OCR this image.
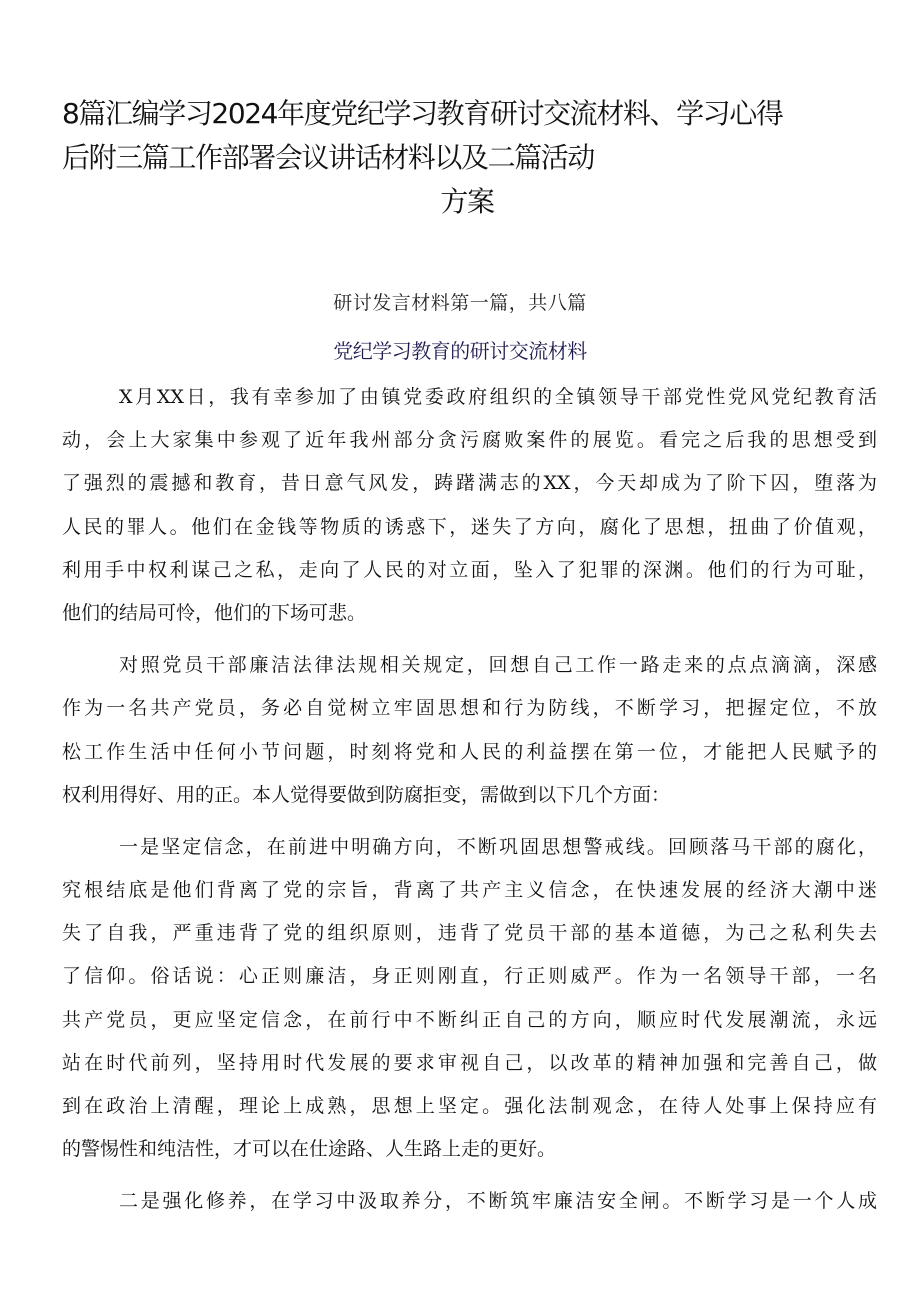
8篇汇编学习2024年度党纪学习教育研讨交流材料、学习心得
后附三篇工作部署会议讲话材料以及二篇活动
方案
研讨发言材料第一篇，共八篇
党纪学习教育的研讨交流材料
X月XX日，我有幸参加了由镇党委政府组织的全镇领导干部党性党风党纪教育活
动，会上大家集中参观了近年我州部分贪污腐败案件的展览。看完之后我的思想受到
了强烈的震撼和教育，昔日意气风发，踌躇满志的XX，今天却成为了阶下囚，堕落为
人民的罪人。他们在金钱等物质的诱惑下，迷失了方向，腐化了思想，扭曲了价值观，
利用手中权利谋己之私，走向了人民的对立面，坠入了犯罪的深渊。他们的行为可耻，
他们的结局可怜，他们的下场可悲。
对照党员干部廉洁法律法规相关规定，回想自己工作一路走来的点点滴滴，深感
作为一名共产党员，务必自觉树立牢固思想和行为防线，不断学习，把握定位，不放
松工作生活中任何小节问题，时刻将党和人民的利益摆在第一位，才能把人民赋予的
权利用得好、用的正。本人觉得要做到防腐拒变，需做到以下几个方面：
一是坚定信念，在前进中明确方向，不断巩固思想警戒线。回顾落马干部的腐化，
究根结底是他们背离了党的宗旨，背离了共产主义信念，在快速发展的经济大潮中迷
失了自我，严重违背了党的组织原则，违背了党员干部的基本道德，为己之私利失去
了信仰。俗话说：心正则廉洁，身正则刚直，行正则威严。作为一名领导干部，一名
共产党员，更应坚定信念，在前行中不断纠正自己的方向，顺应时代发展潮流，永远
站在时代前列，坚持用时代发展的要求审视自己，以改革的精神加强和完善自己，做
到在政治上清醒，理论上成熟，思想上坚定。强化法制观念，在待人处事上保持应有
的警惕性和纯洁性，才可以在仕途路、人生路上走的更好。
二是强化修养，在学习中汲取养分，不断筑牢廉洁安全闸。不断学习是一个人成
